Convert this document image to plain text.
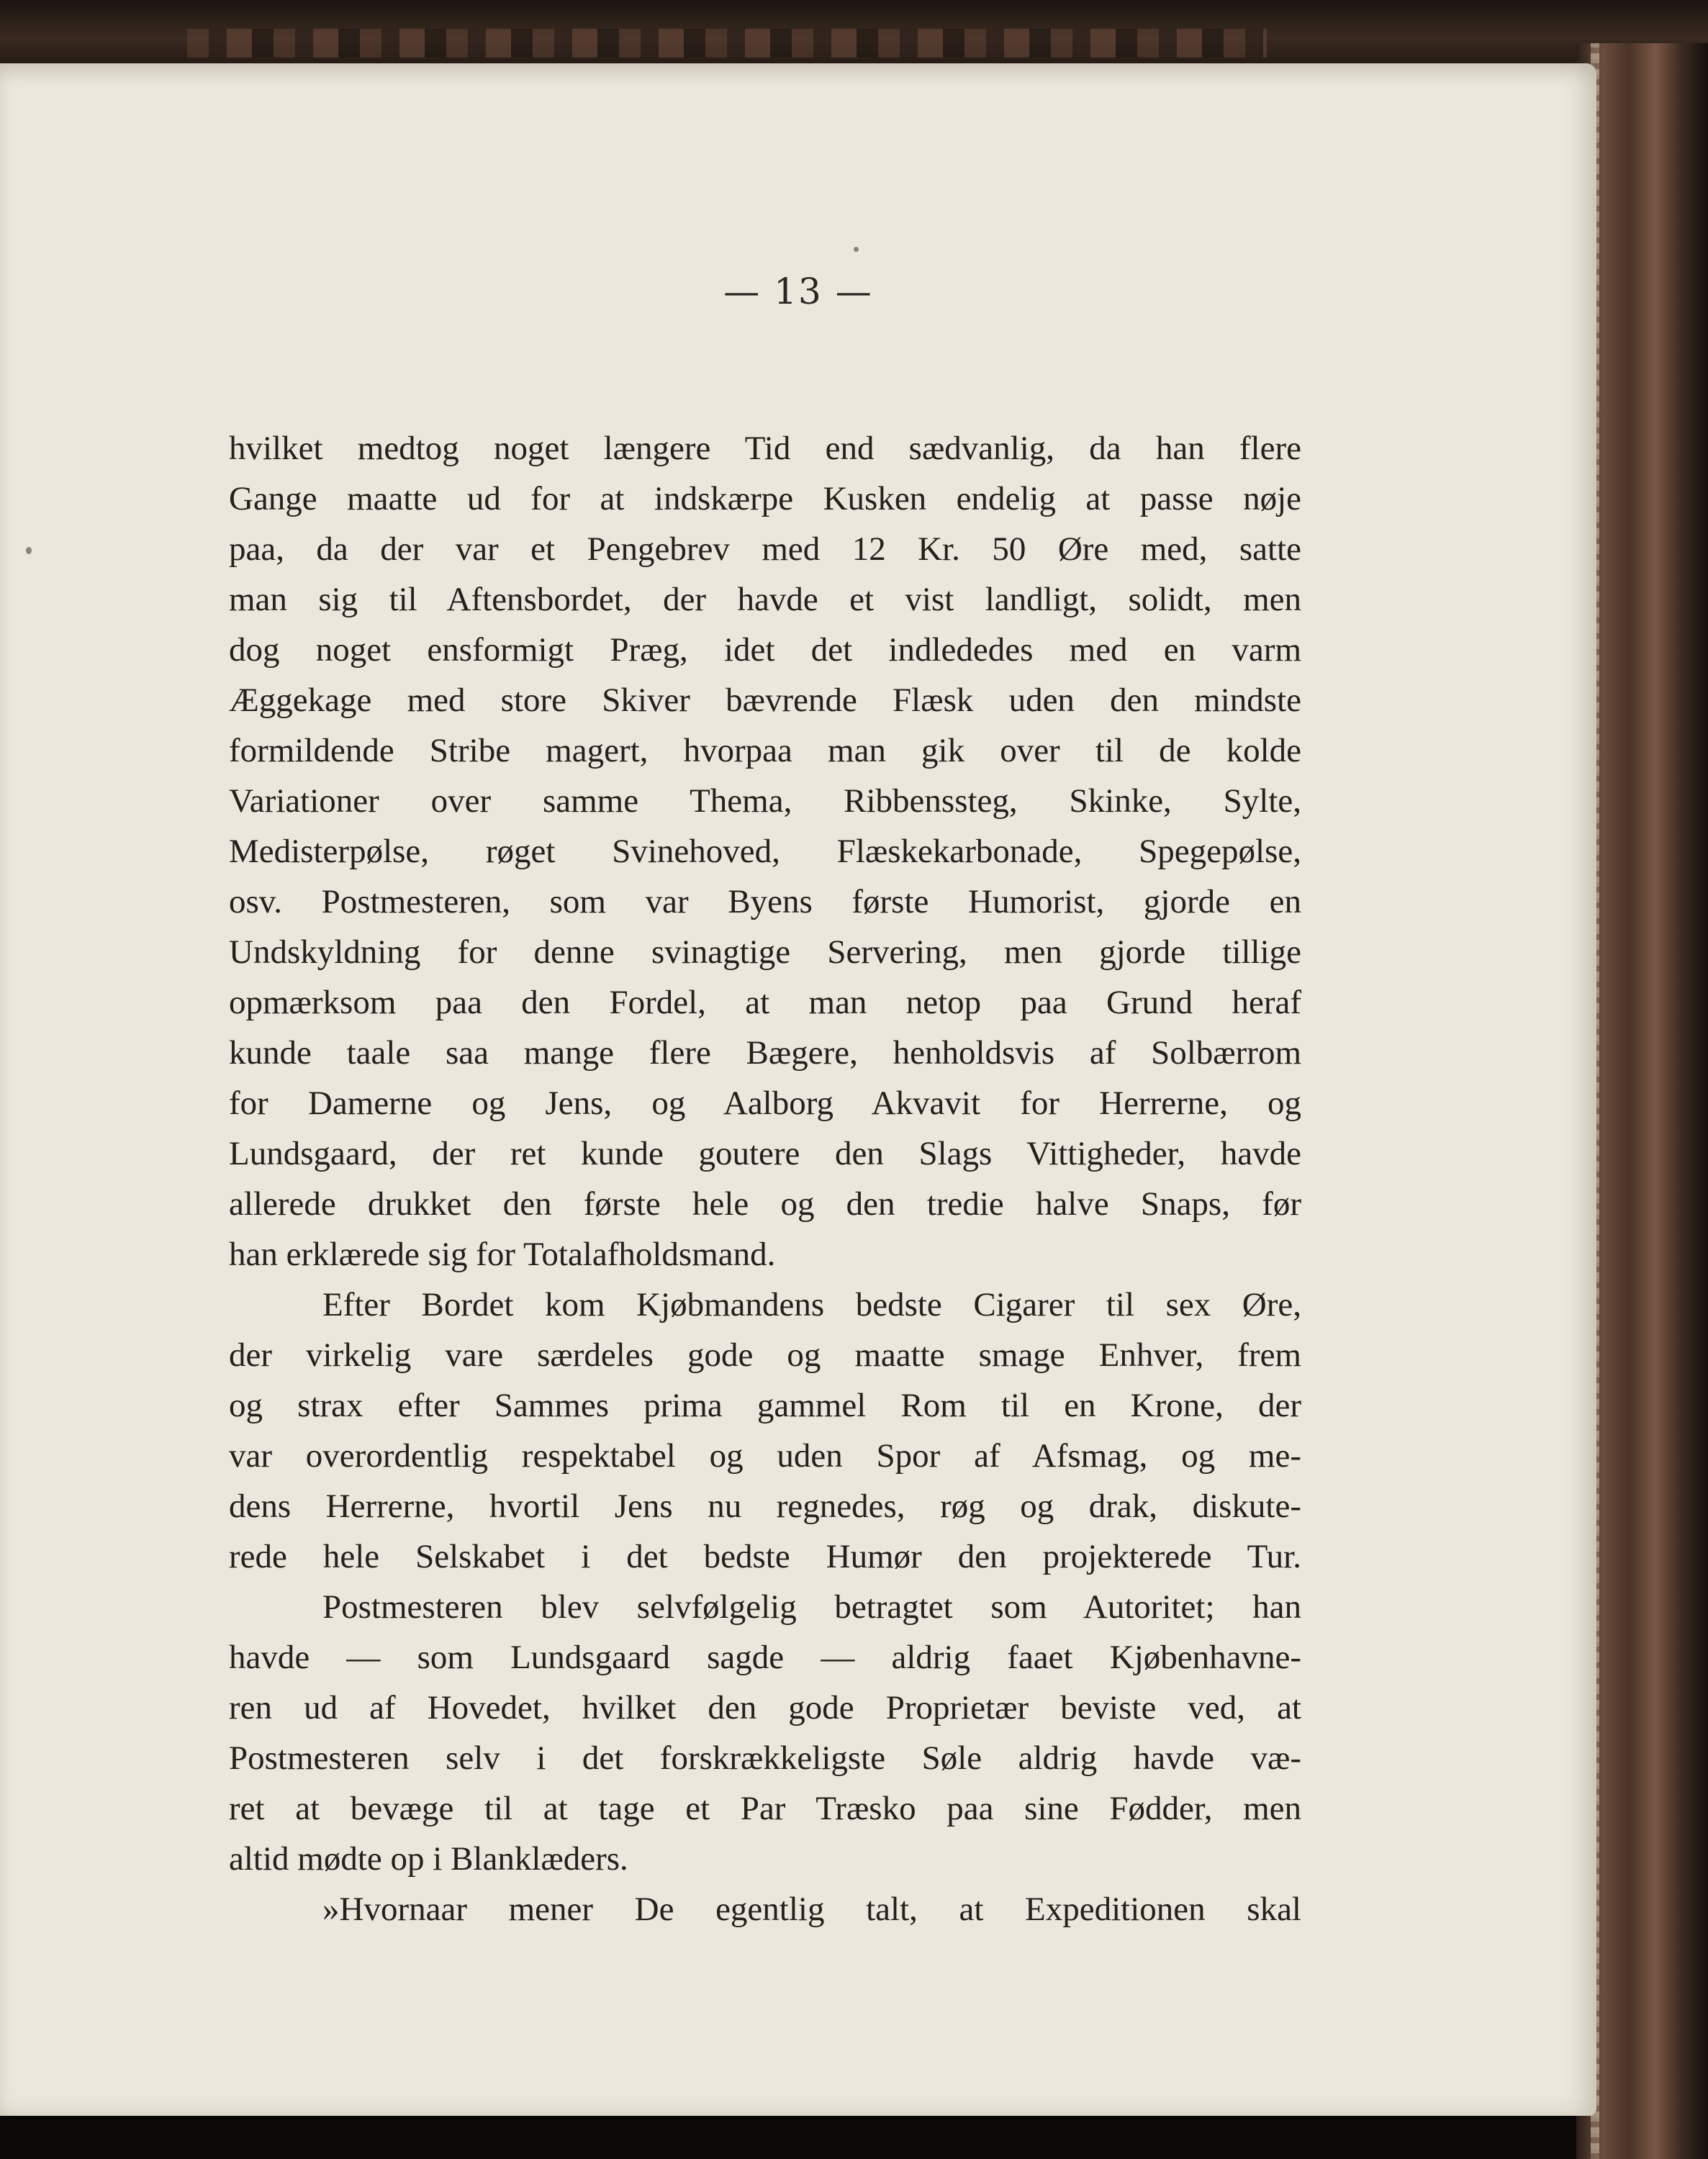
— 13 —
hvilket medtog noget længere Tid end sædvanlig, da han flere
Gange maatte ud for at indskærpe Kusken endelig at passe nøje
paa, da der var et Pengebrev med 12 Kr. 50 Øre med, satte
man sig til Aftensbordet, der havde et vist landligt, solidt, men
dog noget ensformigt Præg, idet det indlededes med en varm
Æggekage med store Skiver bævrende Flæsk uden den mindste
formildende Stribe magert, hvorpaa man gik over til de kolde
Variationer over samme Thema, Ribbenssteg, Skinke, Sylte,
Medisterpølse, røget Svinehoved, Flæskekarbonade, Spegepølse,
osv. Postmesteren, som var Byens første Humorist, gjorde en
Undskyldning for denne svinagtige Servering, men gjorde tillige
opmærksom paa den Fordel, at man netop paa Grund heraf
kunde taale saa mange flere Bægere, henholdsvis af Solbærrom
for Damerne og Jens, og Aalborg Akvavit for Herrerne, og
Lundsgaard, der ret kunde goutere den Slags Vittigheder, havde
allerede drukket den første hele og den tredie halve Snaps, før
han erklærede sig for Totalafholdsmand.
Efter Bordet kom Kjøbmandens bedste Cigarer til sex Øre,
der virkelig vare særdeles gode og maatte smage Enhver, frem
og strax efter Sammes prima gammel Rom til en Krone, der
var overordentlig respektabel og uden Spor af Afsmag, og me-
dens Herrerne, hvortil Jens nu regnedes, røg og drak, diskute-
rede hele Selskabet i det bedste Humør den projekterede Tur.
Postmesteren blev selvfølgelig betragtet som Autoritet; han
havde — som Lundsgaard sagde — aldrig faaet Kjøbenhavne-
ren ud af Hovedet, hvilket den gode Proprietær beviste ved, at
Postmesteren selv i det forskrækkeligste Søle aldrig havde væ-
ret at bevæge til at tage et Par Træsko paa sine Fødder, men
altid mødte op i Blanklæders.
»Hvornaar mener De egentlig talt, at Expeditionen skal
